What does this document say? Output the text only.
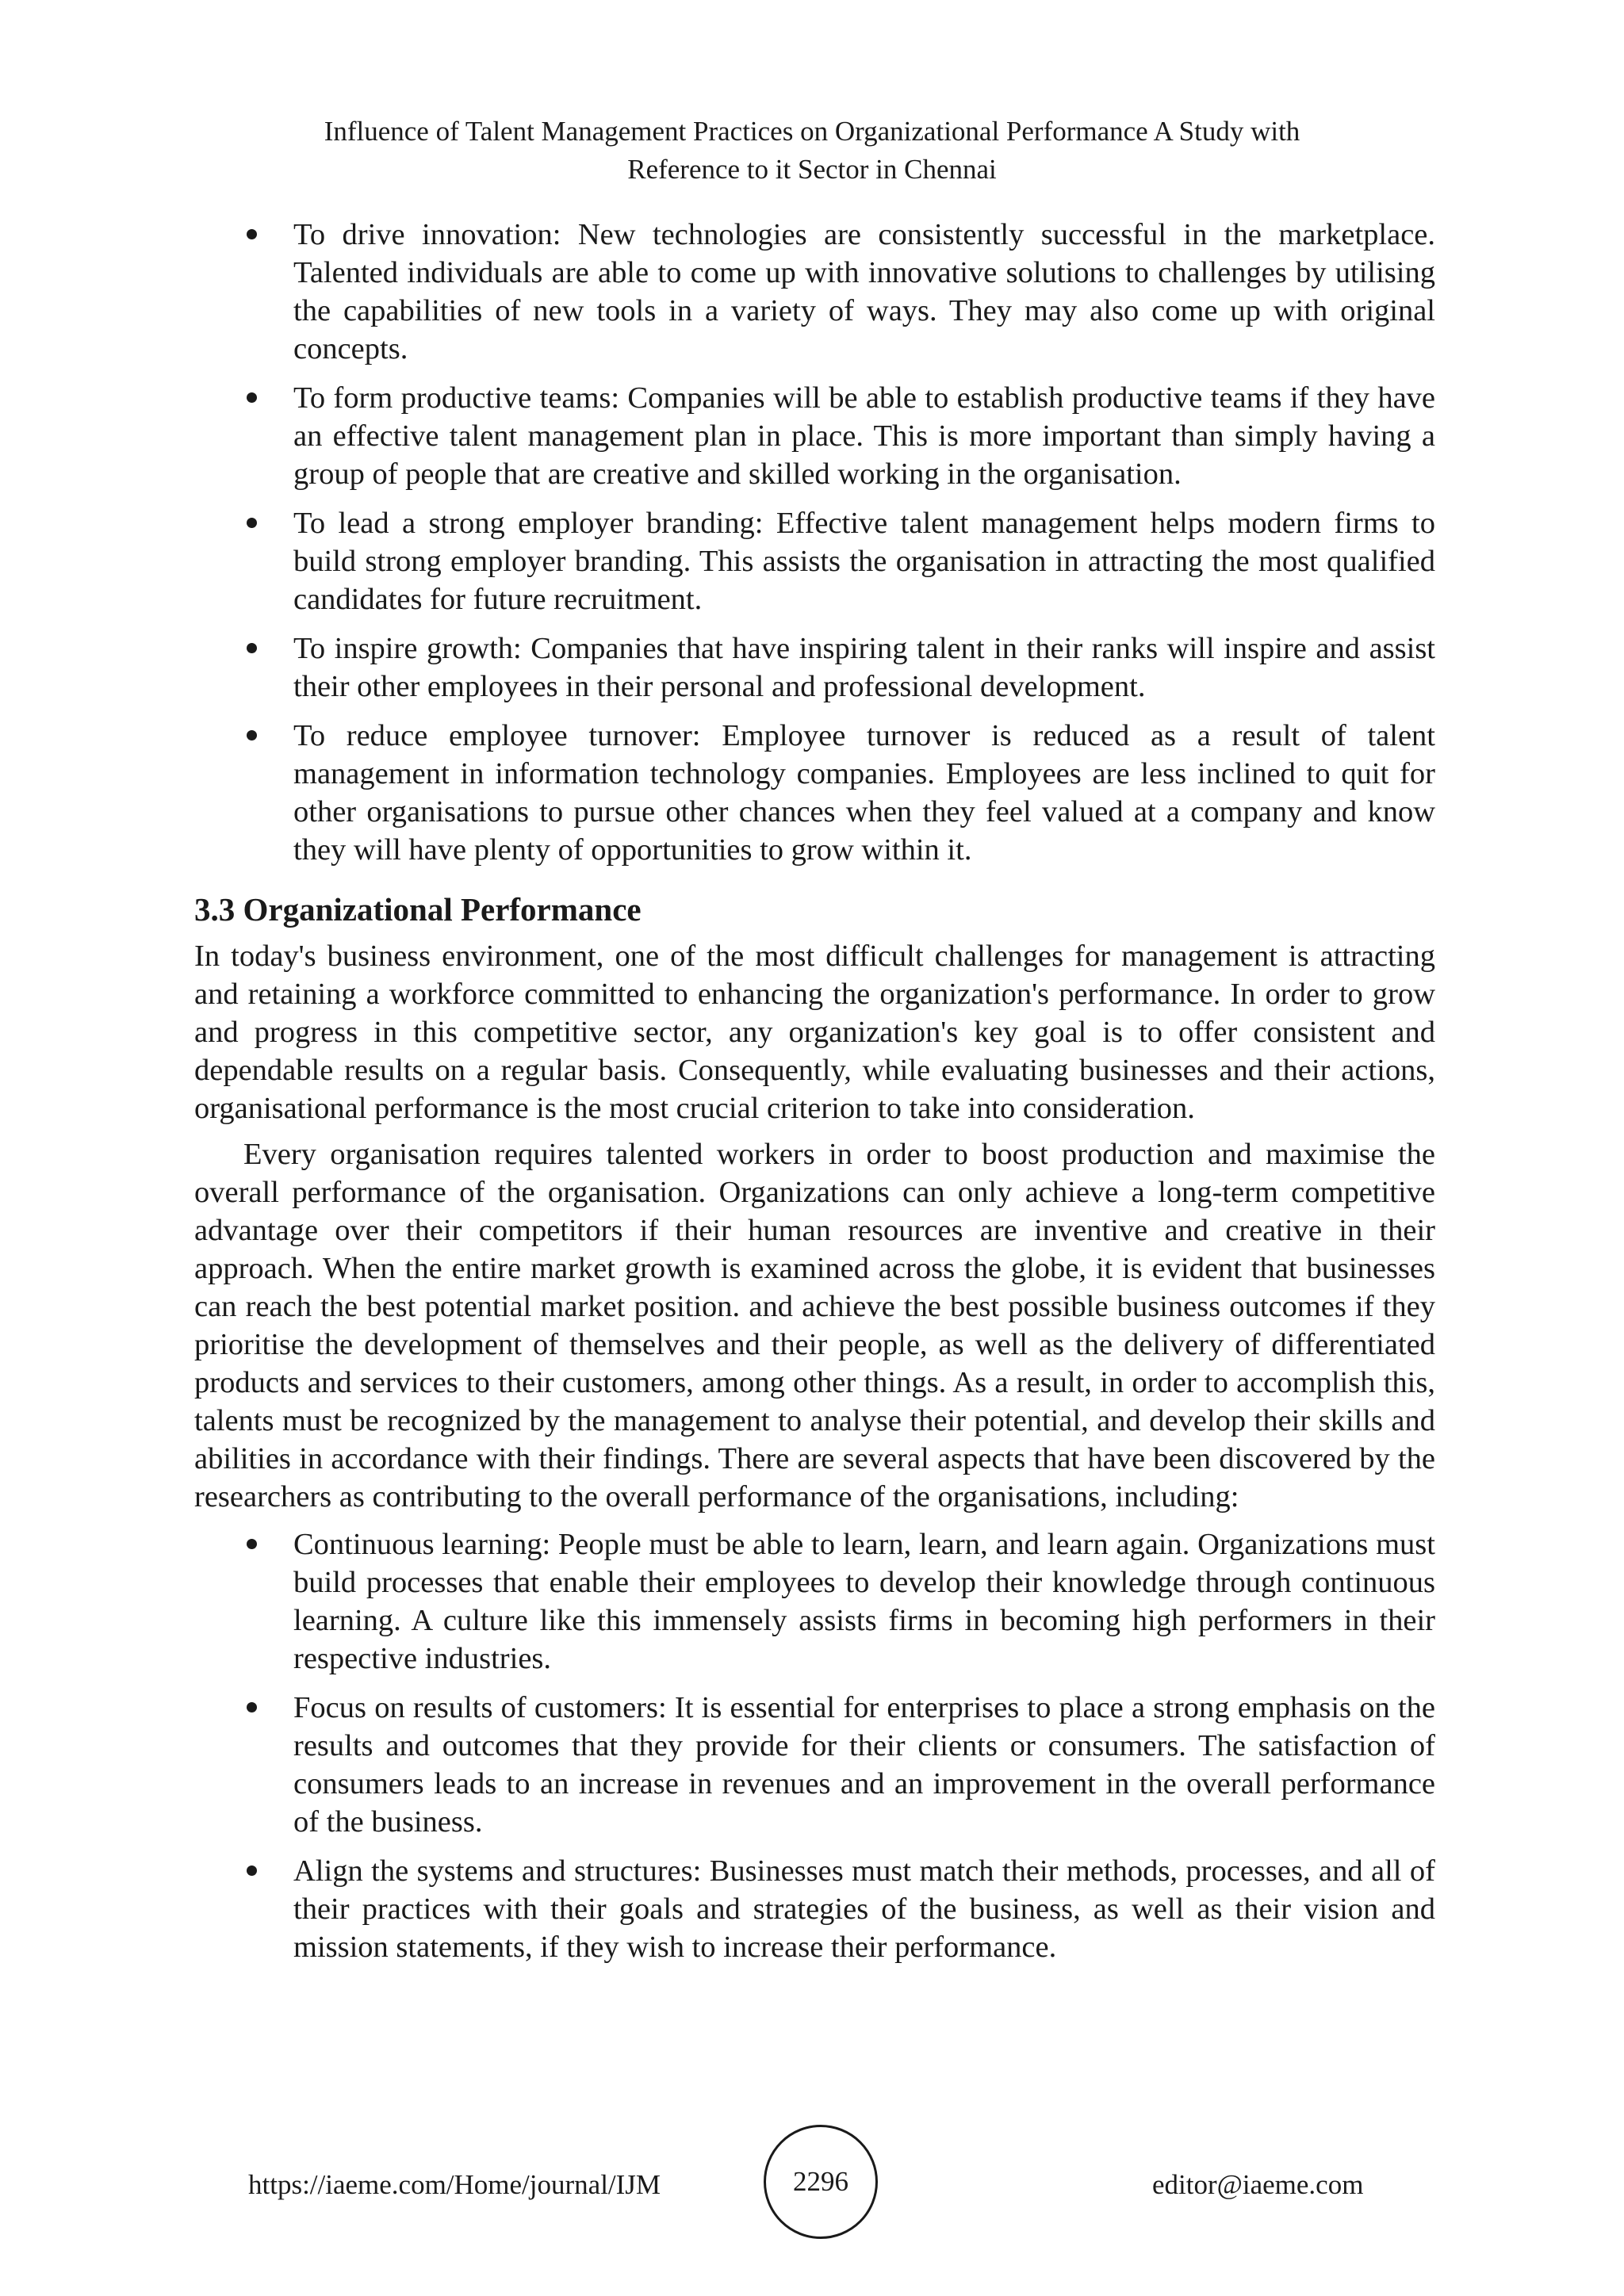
Influence of Talent Management Practices on Organizational Performance A Study with
Reference to it Sector in Chennai
To drive innovation: New technologies are consistently successful in the marketplace. Talented individuals are able to come up with innovative solutions to challenges by utilising the capabilities of new tools in a variety of ways. They may also come up with original concepts.
To form productive teams: Companies will be able to establish productive teams if they have an effective talent management plan in place. This is more important than simply having a group of people that are creative and skilled working in the organisation.
To lead a strong employer branding: Effective talent management helps modern firms to build strong employer branding. This assists the organisation in attracting the most qualified candidates for future recruitment.
To inspire growth: Companies that have inspiring talent in their ranks will inspire and assist their other employees in their personal and professional development.
To reduce employee turnover: Employee turnover is reduced as a result of talent management in information technology companies. Employees are less inclined to quit for other organisations to pursue other chances when they feel valued at a company and know they will have plenty of opportunities to grow within it.
3.3 Organizational Performance

In today's business environment, one of the most difficult challenges for management is attracting and retaining a workforce committed to enhancing the organization's performance. In order to grow and progress in this competitive sector, any organization's key goal is to offer consistent and dependable results on a regular basis. Consequently, while evaluating businesses and their actions, organisational performance is the most crucial criterion to take into consideration.

Every organisation requires talented workers in order to boost production and maximise the overall performance of the organisation. Organizations can only achieve a long-term competitive advantage over their competitors if their human resources are inventive and creative in their approach. When the entire market growth is examined across the globe, it is evident that businesses can reach the best potential market position. and achieve the best possible business outcomes if they prioritise the development of themselves and their people, as well as the delivery of differentiated products and services to their customers, among other things. As a result, in order to accomplish this, talents must be recognized by the management to analyse their potential, and develop their skills and abilities in accordance with their findings. There are several aspects that have been discovered by the researchers as contributing to the overall performance of the organisations, including:

Continuous learning: People must be able to learn, learn, and learn again. Organizations must build processes that enable their employees to develop their knowledge through continuous learning. A culture like this immensely assists firms in becoming high performers in their respective industries.
Focus on results of customers: It is essential for enterprises to place a strong emphasis on the results and outcomes that they provide for their clients or consumers. The satisfaction of consumers leads to an increase in revenues and an improvement in the overall performance of the business.
Align the systems and structures: Businesses must match their methods, processes, and all of their practices with their goals and strategies of the business, as well as their vision and mission statements, if they wish to increase their performance.
https://iaeme.com/Home/journal/IJM	2296	editor@iaeme.com
